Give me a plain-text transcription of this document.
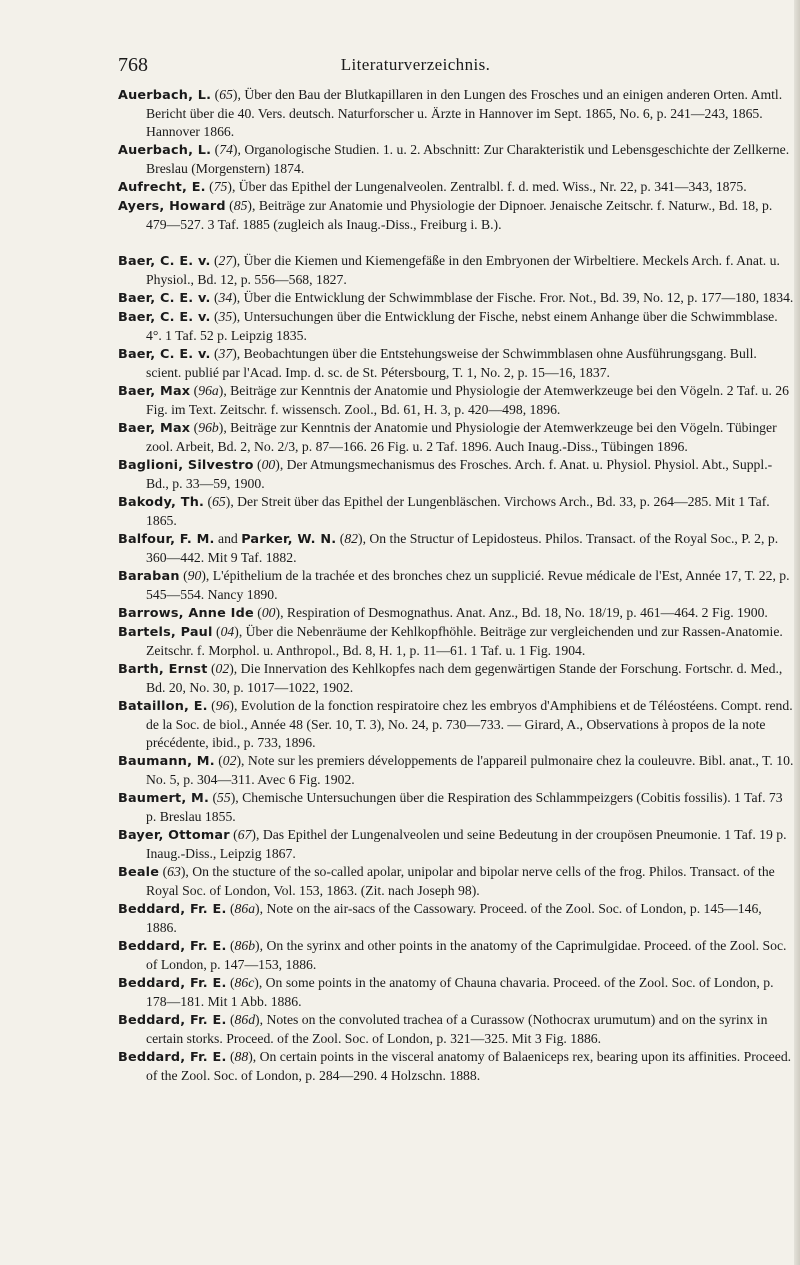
768	Literaturverzeichnis.

Auerbach, L. (65), Über den Bau der Blutkapillaren in den Lungen des Frosches und an einigen anderen Orten. Amtl. Bericht über die 40. Vers. deutsch. Naturforscher u. Ärzte in Hannover im Sept. 1865, No. 6, p. 241—243, 1865. Hannover 1866.

Auerbach, L. (74), Organologische Studien. 1. u. 2. Abschnitt: Zur Charakteristik und Lebensgeschichte der Zellkerne. Breslau (Morgenstern) 1874.

Aufrecht, E. (75), Über das Epithel der Lungenalveolen. Zentralbl. f. d. med. Wiss., Nr. 22, p. 341—343, 1875.

Ayers, Howard (85), Beiträge zur Anatomie und Physiologie der Dipnoer. Jenaische Zeitschr. f. Naturw., Bd. 18, p. 479—527. 3 Taf. 1885 (zugleich als Inaug.-Diss., Freiburg i. B.).

Baer, C. E. v. (27), Über die Kiemen und Kiemengefäße in den Embryonen der Wirbeltiere. Meckels Arch. f. Anat. u. Physiol., Bd. 12, p. 556—568, 1827.

Baer, C. E. v. (34), Über die Entwicklung der Schwimmblase der Fische. Fror. Not., Bd. 39, No. 12, p. 177—180, 1834.

Baer, C. E. v. (35), Untersuchungen über die Entwicklung der Fische, nebst einem Anhange über die Schwimmblase. 4°. 1 Taf. 52 p. Leipzig 1835.

Baer, C. E. v. (37), Beobachtungen über die Entstehungsweise der Schwimmblasen ohne Ausführungsgang. Bull. scient. publié par l'Acad. Imp. d. sc. de St. Pétersbourg, T. 1, No. 2, p. 15—16, 1837.

Baer, Max (96a), Beiträge zur Kenntnis der Anatomie und Physiologie der Atemwerkzeuge bei den Vögeln. 2 Taf. u. 26 Fig. im Text. Zeitschr. f. wissensch. Zool., Bd. 61, H. 3, p. 420—498, 1896.

Baer, Max (96b), Beiträge zur Kenntnis der Anatomie und Physiologie der Atemwerkzeuge bei den Vögeln. Tübinger zool. Arbeit, Bd. 2, No. 2/3, p. 87—166. 26 Fig. u. 2 Taf. 1896. Auch Inaug.-Diss., Tübingen 1896.

Baglioni, Silvestro (00), Der Atmungsmechanismus des Frosches. Arch. f. Anat. u. Physiol. Physiol. Abt., Suppl.-Bd., p. 33—59, 1900.

Bakody, Th. (65), Der Streit über das Epithel der Lungenbläschen. Virchows Arch., Bd. 33, p. 264—285. Mit 1 Taf. 1865.

Balfour, F. M. and Parker, W. N. (82), On the Structur of Lepidosteus. Philos. Transact. of the Royal Soc., P. 2, p. 360—442. Mit 9 Taf. 1882.

Baraban (90), L'épithelium de la trachée et des bronches chez un supplicié. Revue médicale de l'Est, Année 17, T. 22, p. 545—554. Nancy 1890.

Barrows, Anne Ide (00), Respiration of Desmognathus. Anat. Anz., Bd. 18, No. 18/19, p. 461—464. 2 Fig. 1900.

Bartels, Paul (04), Über die Nebenräume der Kehlkopfhöhle. Beiträge zur vergleichenden und zur Rassen-Anatomie. Zeitschr. f. Morphol. u. Anthropol., Bd. 8, H. 1, p. 11—61. 1 Taf. u. 1 Fig. 1904.

Barth, Ernst (02), Die Innervation des Kehlkopfes nach dem gegenwärtigen Stande der Forschung. Fortschr. d. Med., Bd. 20, No. 30, p. 1017—1022, 1902.

Bataillon, E. (96), Evolution de la fonction respiratoire chez les embryos d'Amphibiens et de Téléostéens. Compt. rend. de la Soc. de biol., Année 48 (Ser. 10, T. 3), No. 24, p. 730—733. — Girard, A., Observations à propos de la note précédente, ibid., p. 733, 1896.

Baumann, M. (02), Note sur les premiers développements de l'appareil pulmonaire chez la couleuvre. Bibl. anat., T. 10. No. 5, p. 304—311. Avec 6 Fig. 1902.

Baumert, M. (55), Chemische Untersuchungen über die Respiration des Schlammpeizgers (Cobitis fossilis). 1 Taf. 73 p. Breslau 1855.

Bayer, Ottomar (67), Das Epithel der Lungenalveolen und seine Bedeutung in der croupösen Pneumonie. 1 Taf. 19 p. Inaug.-Diss., Leipzig 1867.

Beale (63), On the stucture of the so-called apolar, unipolar and bipolar nerve cells of the frog. Philos. Transact. of the Royal Soc. of London, Vol. 153, 1863. (Zit. nach Joseph 98).

Beddard, Fr. E. (86a), Note on the air-sacs of the Cassowary. Proceed. of the Zool. Soc. of London, p. 145—146, 1886.

Beddard, Fr. E. (86b), On the syrinx and other points in the anatomy of the Caprimulgidae. Proceed. of the Zool. Soc. of London, p. 147—153, 1886.

Beddard, Fr. E. (86c), On some points in the anatomy of Chauna chavaria. Proceed. of the Zool. Soc. of London, p. 178—181. Mit 1 Abb. 1886.

Beddard, Fr. E. (86d), Notes on the convoluted trachea of a Curassow (Nothocrax urumutum) and on the syrinx in certain storks. Proceed. of the Zool. Soc. of London, p. 321—325. Mit 3 Fig. 1886.

Beddard, Fr. E. (88), On certain points in the visceral anatomy of Balaeniceps rex, bearing upon its affinities. Proceed. of the Zool. Soc. of London, p. 284—290. 4 Holzschn. 1888.
